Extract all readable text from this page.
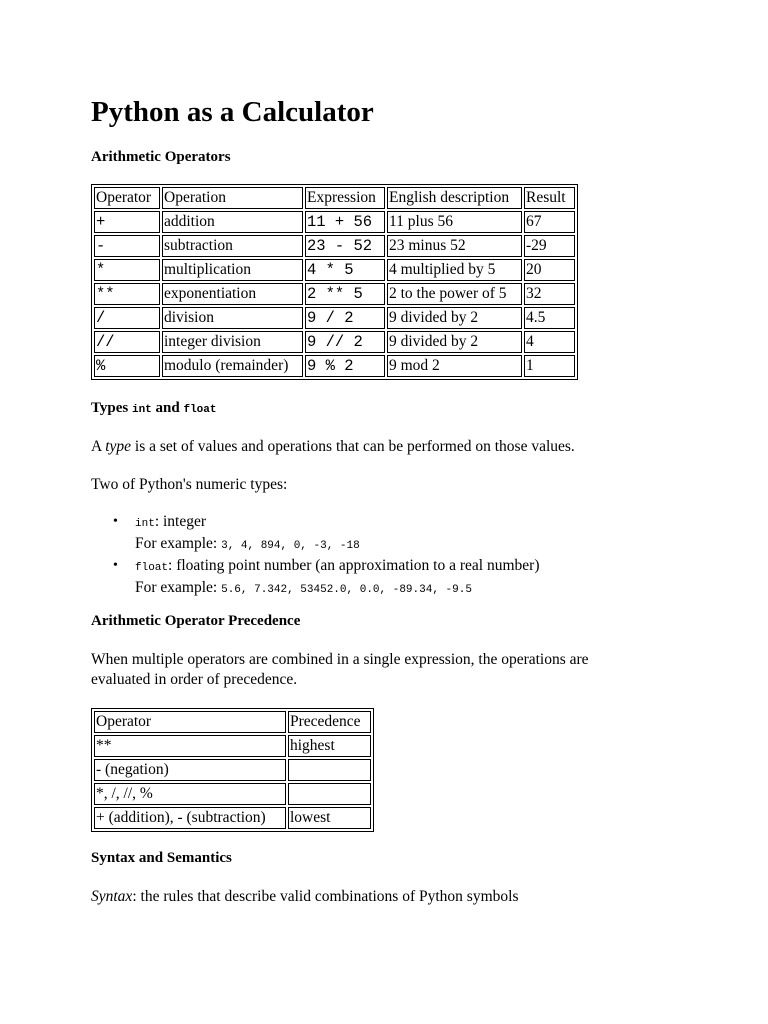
Python as a Calculator
Arithmetic Operators
Operator	Operation	Expression	English description	Result
+	addition	11 + 56	11 plus 56	67
-	subtraction	23 - 52	23 minus 52	-29
*	multiplication	4 * 5	4 multiplied by 5	20
**	exponentiation	2 ** 5	2 to the power of 5	32
/	division	9 / 2	9 divided by 2	4.5
//	integer division	9 // 2	9 divided by 2	4
%	modulo (remainder)	9 % 2	9 mod 2	1
Types int and float

A type is a set of values and operations that can be performed on those values.

Two of Python's numeric types:

• int: integer
For example: 3, 4, 894, 0, -3, -18
• float: floating point number (an approximation to a real number)
For example: 5.6, 7.342, 53452.0, 0.0, -89.34, -9.5
Arithmetic Operator Precedence

When multiple operators are combined in a single expression, the operations are evaluated in order of precedence.

Operator	Precedence
**	highest
- (negation)	
*, /, //, %	
+ (addition), - (subtraction)	lowest
Syntax and Semantics

Syntax: the rules that describe valid combinations of Python symbols
